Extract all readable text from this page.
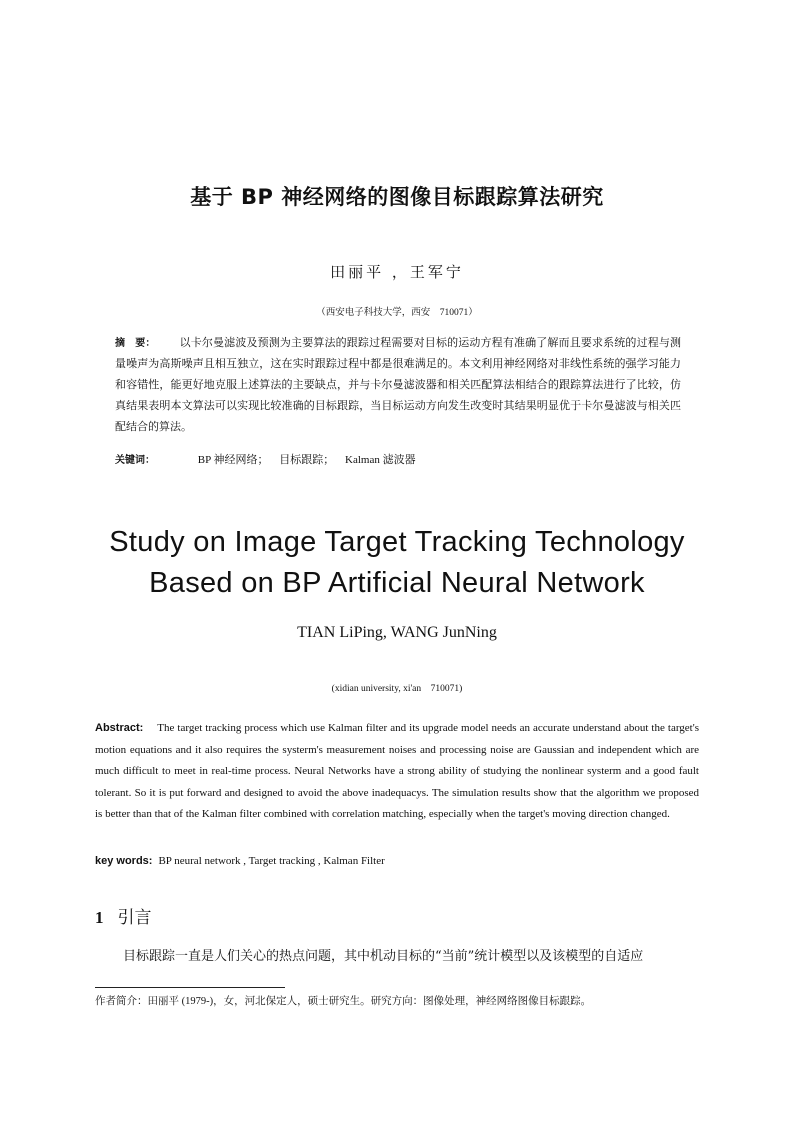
基于 BP 神经网络的图像目标跟踪算法研究
田丽平 ，王军宁
（西安电子科技大学，西安　710071）
摘　要： 以卡尔曼滤波及预测为主要算法的跟踪过程需要对目标的运动方程有准确了解而且要求系统的过程与测量噪声为高斯噪声且相互独立，这在实时跟踪过程中都是很难满足的。本文利用神经网络对非线性系统的强学习能力和容错性，能更好地克服上述算法的主要缺点，并与卡尔曼滤波器和相关匹配算法相结合的跟踪算法进行了比较，仿真结果表明本文算法可以实现比较准确的目标跟踪，当目标运动方向发生改变时其结果明显优于卡尔曼滤波与相关匹配结合的算法。
关键词：	BP 神经网络； 目标跟踪； Kalman 滤波器
Study on Image Target Tracking Technology
Based on BP Artificial Neural Network
TIAN LiPing, WANG JunNing
(xidian university, xi'an　710071)
Abstract: The target tracking process which use Kalman filter and its upgrade model needs an accurate understand about the target's motion equations and it also requires the systerm's measurement noises and processing noise are Gaussian and independent which are much difficult to meet in real-time process. Neural Networks have a strong ability of studying the nonlinear systerm and a good fault tolerant. So it is put forward and designed to avoid the above inadequacys. The simulation results show that the algorithm we proposed is better than that of the Kalman filter combined with correlation matching, especially when the target's moving direction changed.
key words: BP neural network , Target tracking , Kalman Filter
1 引言
目标跟踪一直是人们关心的热点问题，其中机动目标的“当前”统计模型以及该模型的自适应
作者简介：田丽平 (1979-)，女，河北保定人，硕士研究生。研究方向：图像处理，神经网络图像目标跟踪。
